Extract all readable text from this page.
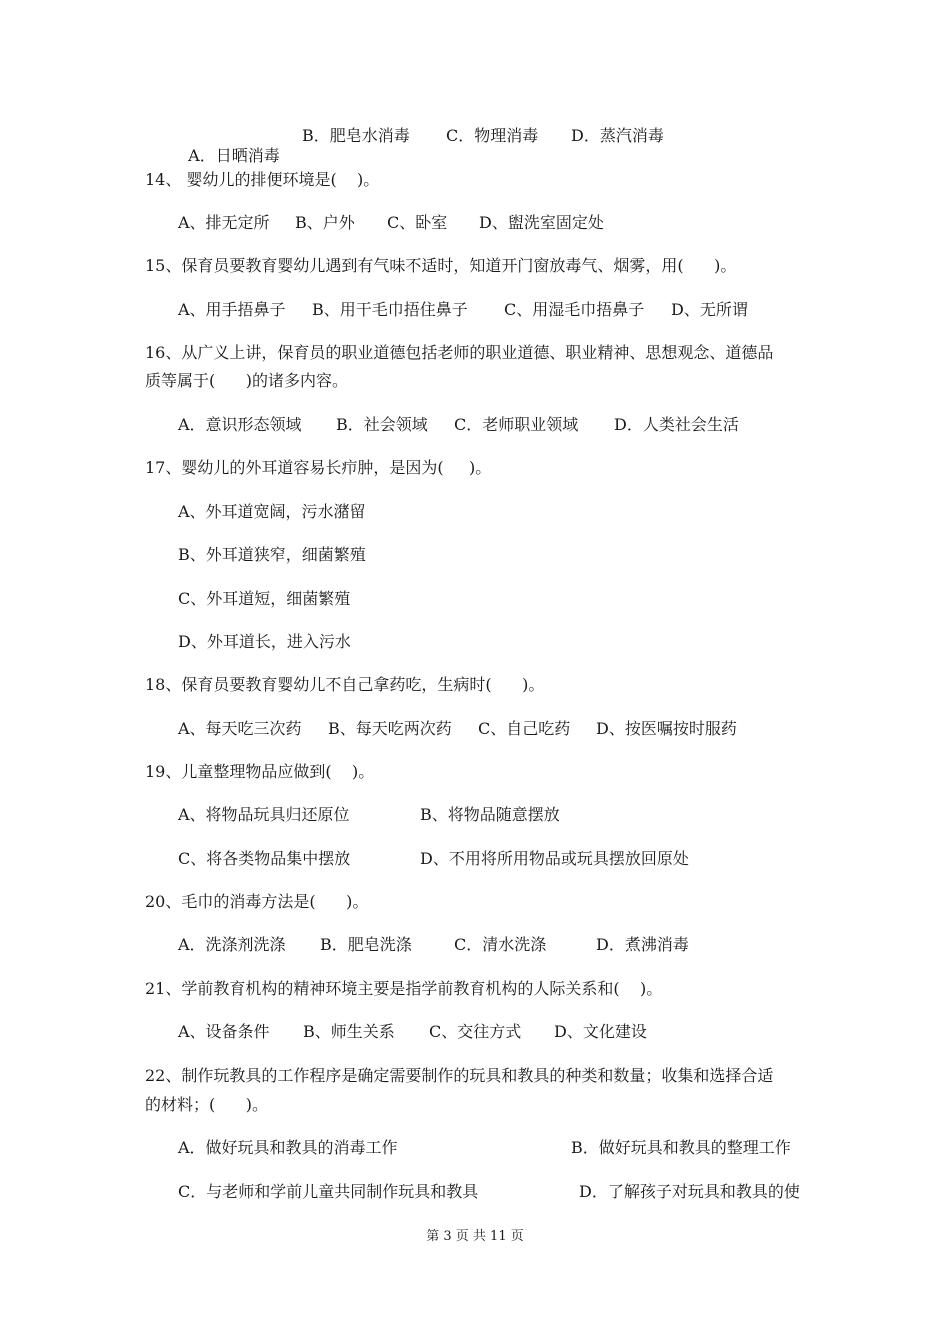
A．日晒消毒

B．肥皂水消毒 C．物理消毒 D．蒸汽消毒
14、 婴幼儿的排便环境是(    )。
A、排无定所 B、户外 C、卧室 D、盥洗室固定处
15、保育员要教育婴幼儿遇到有气味不适时，知道开门窗放毒气、烟雾，用(      )。
A、用手捂鼻子 B、用干毛巾捂住鼻子 C、用湿毛巾捂鼻子 D、无所谓
16、从广义上讲，保育员的职业道德包括老师的职业道德、职业精神、思想观念、道德品
质等属于(      )的诸多内容。
A．意识形态领域 B．社会领域 C．老师职业领域 D．人类社会生活
17、婴幼儿的外耳道容易长疖肿，是因为(     )。
A、外耳道宽阔，污水潴留
B、外耳道狭窄，细菌繁殖
C、外耳道短，细菌繁殖
D、外耳道长，进入污水
18、保育员要教育婴幼儿不自己拿药吃，生病时(      )。
A、每天吃三次药 B、每天吃两次药 C、自己吃药 D、按医嘱按时服药
19、儿童整理物品应做到(    )。
A、将物品玩具归还原位	B、将物品随意摆放
C、将各类物品集中摆放	D、不用将所用物品或玩具摆放回原处
20、毛巾的消毒方法是(      )。
A．洗涤剂洗涤 B．肥皂洗涤	C．清水洗涤	D．煮沸消毒
21、学前教育机构的精神环境主要是指学前教育机构的人际关系和(    )。
A、设备条件 B、师生关系 C、交往方式 D、文化建设
22、制作玩教具的工作程序是确定需要制作的玩具和教具的种类和数量；收集和选择合适
的材料；(      )。
A．做好玩具和教具的消毒工作	B．做好玩具和教具的整理工作
C．与老师和学前儿童共同制作玩具和教具	D．了解孩子对玩具和教具的使
第 3 页 共 11 页
